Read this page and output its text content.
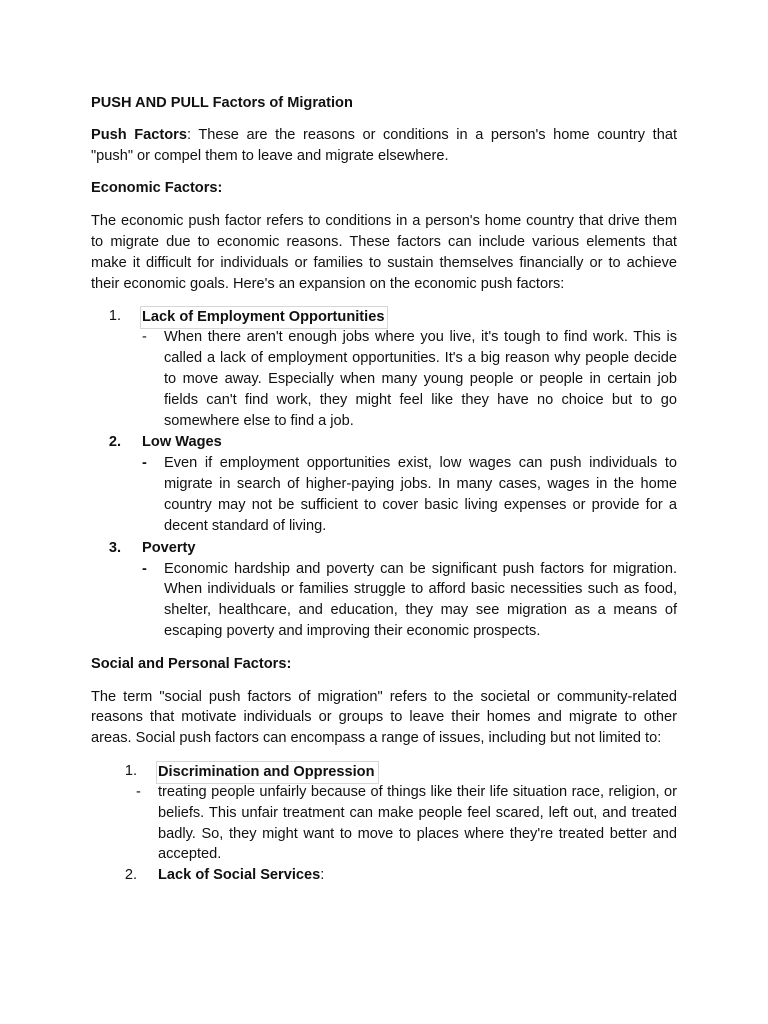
PUSH AND PULL Factors of Migration

Push Factors: These are the reasons or conditions in a person's home country that "push" or compel them to leave and migrate elsewhere.

Economic Factors:

The economic push factor refers to conditions in a person's home country that drive them to migrate due to economic reasons. These factors can include various elements that make it difficult for individuals or families to sustain themselves financially or to achieve their economic goals. Here's an expansion on the economic push factors:

1. Lack of Employment Opportunities
- When there aren't enough jobs where you live, it's tough to find work. This is called a lack of employment opportunities. It's a big reason why people decide to move away. Especially when many young people or people in certain job fields can't find work, they might feel like they have no choice but to go somewhere else to find a job.
2. Low Wages
- Even if employment opportunities exist, low wages can push individuals to migrate in search of higher-paying jobs. In many cases, wages in the home country may not be sufficient to cover basic living expenses or provide for a decent standard of living.
3. Poverty
- Economic hardship and poverty can be significant push factors for migration. When individuals or families struggle to afford basic necessities such as food, shelter, healthcare, and education, they may see migration as a means of escaping poverty and improving their economic prospects.

Social and Personal Factors:

The term "social push factors of migration" refers to the societal or community-related reasons that motivate individuals or groups to leave their homes and migrate to other areas. Social push factors can encompass a range of issues, including but not limited to:

1. Discrimination and Oppression
- treating people unfairly because of things like their life situation race, religion, or beliefs. This unfair treatment can make people feel scared, left out, and treated badly. So, they might want to move to places where they're treated better and accepted.
2. Lack of Social Services:
